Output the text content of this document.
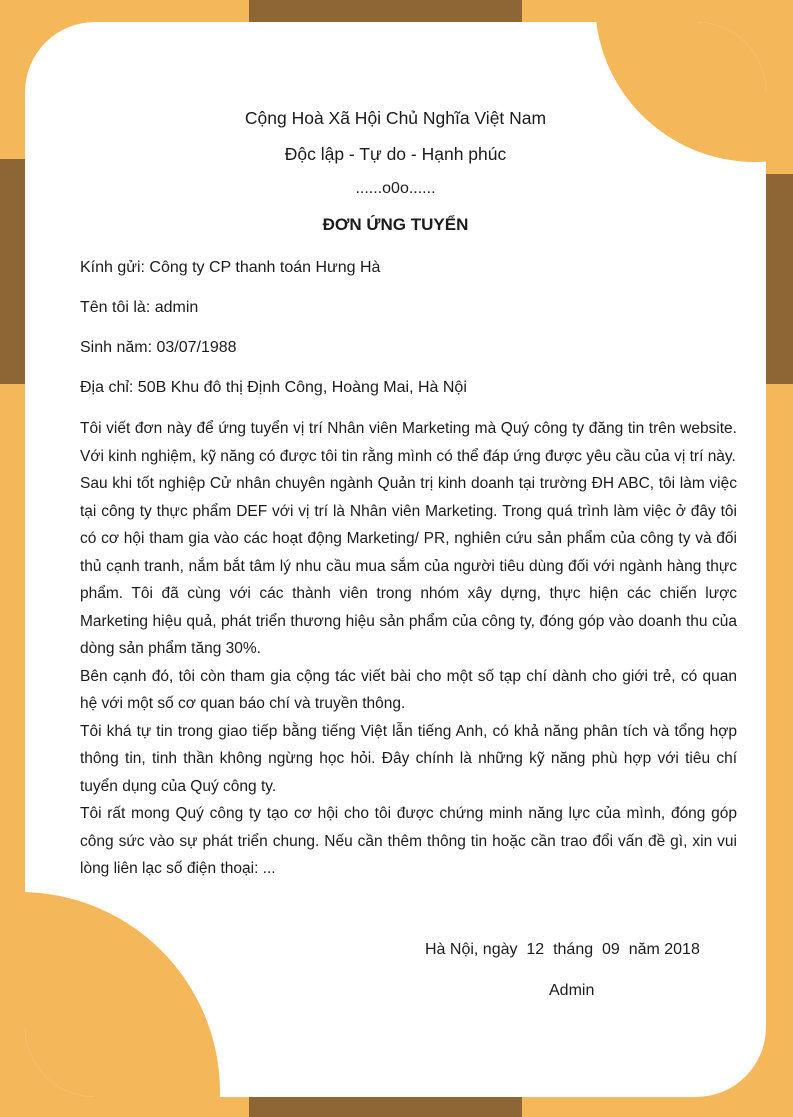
Cộng Hoà Xã Hội Chủ Nghĩa Việt Nam
Độc lập - Tự do - Hạnh phúc
......o0o......
ĐƠN ỨNG TUYỂN
Kính gửi: Công ty CP thanh toán Hưng Hà
Tên tôi là: admin
Sinh năm: 03/07/1988
Địa chỉ: 50B Khu đô thị Định Công, Hoàng Mai, Hà Nội

Tôi viết đơn này để ứng tuyển vị trí Nhân viên Marketing mà Quý công ty đăng tin trên website. Với kinh nghiệm, kỹ năng có được tôi tin rằng mình có thể đáp ứng được yêu cầu của vị trí này.

Sau khi tốt nghiệp Cử nhân chuyên ngành Quản trị kinh doanh tại trường ĐH ABC, tôi làm việc tại công ty thực phẩm DEF với vị trí là Nhân viên Marketing. Trong quá trình làm việc ở đây tôi có cơ hội tham gia vào các hoạt động Marketing/ PR, nghiên cứu sản phẩm của công ty và đối thủ cạnh tranh, nắm bắt tâm lý nhu cầu mua sắm của người tiêu dùng đối với ngành hàng thực phẩm. Tôi đã cùng với các thành viên trong nhóm xây dựng, thực hiện các chiến lược Marketing hiệu quả, phát triển thương hiệu sản phẩm của công ty, đóng góp vào doanh thu của dòng sản phẩm tăng 30%.

Bên cạnh đó, tôi còn tham gia cộng tác viết bài cho một số tạp chí dành cho giới trẻ, có quan hệ với một số cơ quan báo chí và truyền thông.

Tôi khá tự tin trong giao tiếp bằng tiếng Việt lẫn tiếng Anh, có khả năng phân tích và tổng hợp thông tin, tinh thần không ngừng học hỏi. Đây chính là những kỹ năng phù hợp với tiêu chí tuyển dụng của Quý công ty.

Tôi rất mong Quý công ty tạo cơ hội cho tôi được chứng minh năng lực của mình, đóng góp công sức vào sự phát triển chung. Nếu cần thêm thông tin hoặc cần trao đổi vấn đề gì, xin vui lòng liên lạc số điện thoại: ...

Hà Nội, ngày  12  tháng  09  năm 2018
Admin
